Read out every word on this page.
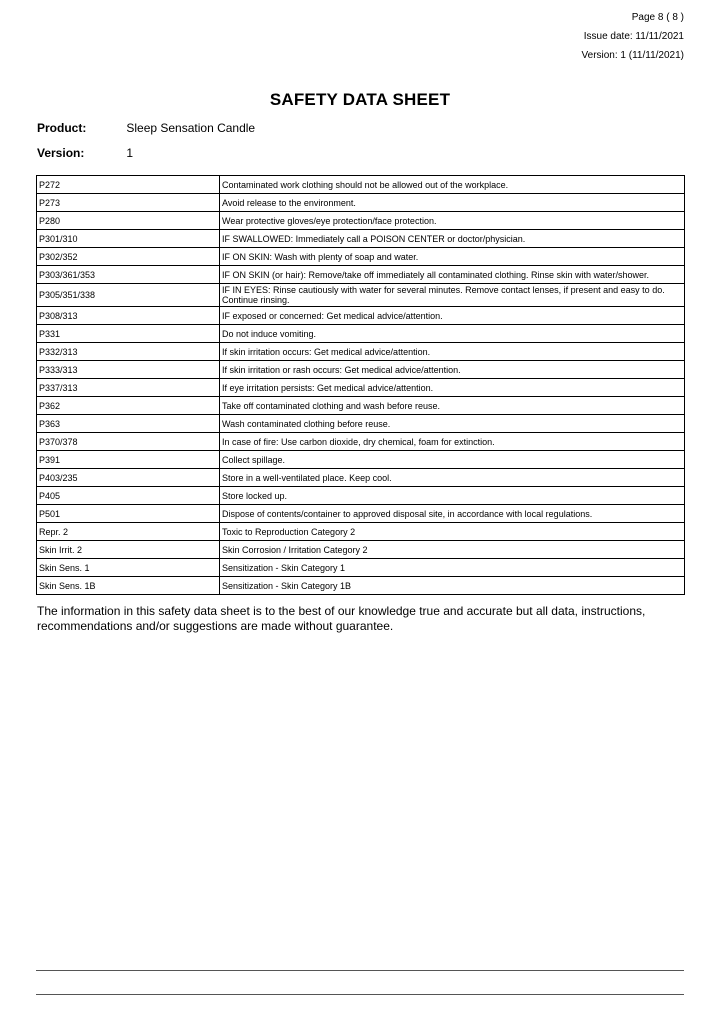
Page 8 ( 8 )
Issue date: 11/11/2021
Version: 1 (11/11/2021)
SAFETY DATA SHEET
Product:	Sleep Sensation Candle
Version:	1
P272	Contaminated work clothing should not be allowed out of the workplace.
P273	Avoid release to the environment.
P280	Wear protective gloves/eye protection/face protection.
P301/310	IF SWALLOWED: Immediately call a POISON CENTER or doctor/physician.
P302/352	IF ON SKIN: Wash with plenty of soap and water.
P303/361/353	IF ON SKIN (or hair): Remove/take off immediately all contaminated clothing. Rinse skin with water/shower.
P305/351/338	IF IN EYES: Rinse cautiously with water for several minutes. Remove contact lenses, if present and easy to do. Continue rinsing.
P308/313	IF exposed or concerned: Get medical advice/attention.
P331	Do not induce vomiting.
P332/313	If skin irritation occurs: Get medical advice/attention.
P333/313	If skin irritation or rash occurs: Get medical advice/attention.
P337/313	If eye irritation persists: Get medical advice/attention.
P362	Take off contaminated clothing and wash before reuse.
P363	Wash contaminated clothing before reuse.
P370/378	In case of fire: Use carbon dioxide, dry chemical, foam for extinction.
P391	Collect spillage.
P403/235	Store in a well-ventilated place. Keep cool.
P405	Store locked up.
P501	Dispose of contents/container to approved disposal site, in accordance with local regulations.
Repr. 2	Toxic to Reproduction Category 2
Skin Irrit. 2	Skin Corrosion / Irritation Category 2
Skin Sens. 1	Sensitization - Skin Category 1
Skin Sens. 1B	Sensitization - Skin Category 1B
The information in this safety data sheet is to the best of our knowledge true and accurate but all data, instructions, recommendations and/or suggestions are made without guarantee.
